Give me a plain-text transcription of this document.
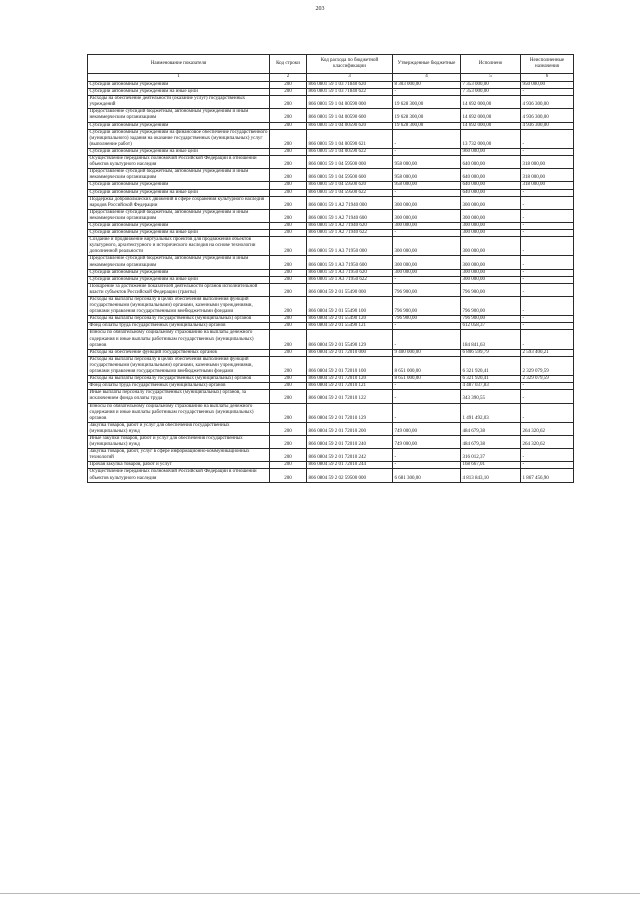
203
Наименование показателя	Код строки	Код расхода по бюджетной классификации	Утвержденные бюджетные	Исполнено	Неисполненные назначения
1	2	3	4	5	6
Субсидии автономным учреждениям	200	866 0801 59 1 03 71840 620	8 303 000,00	7 353 000,00	950 000,00
Субсидии автономным учреждениям на иные цели	200	866 0801 59 1 03 71840 622	-	7 353 000,00	-
Расходы на обеспечение деятельности (оказание услуг) государственных учреждений	200	866 0801 59 1 04 00590 000	19 628 300,00	14 692 000,00	4 936 300,00
Предоставление субсидий бюджетным, автономным учреждениям и иным некоммерческим организациям	200	866 0801 59 1 04 00590 600	19 628 300,00	14 692 000,00	4 936 300,00
Субсидии автономным учреждениям	200	866 0801 59 1 04 00590 620	19 628 300,00	14 692 000,00	4 936 300,00
Субсидии автономным учреждениям на финансовое обеспечение государственного (муниципального) задания на оказание государственных (муниципальных) услуг (выполнение работ)	200	866 0801 59 1 04 00590 621	-	13 732 000,00	-
Субсидии автономным учреждениям на иные цели	200	866 0801 59 1 04 00590 622	-	960 000,00	-
Осуществление переданных полномочий Российской Федерации в отношении объектов культурного наследия	200	866 0801 59 1 04 59500 000	958 000,00	640 000,00	318 000,00
Предоставление субсидий бюджетным, автономным учреждениям и иным некоммерческим организациям	200	866 0801 59 1 04 59500 600	958 000,00	640 000,00	318 000,00
Субсидии автономным учреждениям	200	866 0801 59 1 04 59500 620	958 000,00	640 000,00	318 000,00
Субсидии автономным учреждениям на иные цели	200	866 0801 59 1 04 59500 622	-	640 000,00	-
Поддержка добровольческих движений в сфере сохранения культурного наследия народов Российской Федерации	200	866 0801 59 1 A2 71940 000	300 000,00	300 000,00	-
Предоставление субсидий бюджетным, автономным учреждениям и иным некоммерческим организациям	200	866 0801 59 1 A2 71940 600	300 000,00	300 000,00	-
Субсидии автономным учреждениям	200	866 0801 59 1 A2 71940 620	300 000,00	300 000,00	-
Субсидии автономным учреждениям на иные цели	200	866 0801 59 1 A2 71940 622	-	300 000,00	-
Создание и продвижение виртуальных проектов для продвижения объектов культурного, архитектурного и исторического наследия на основе технологии дополненной реальности	200	866 0801 59 1 A3 71950 000	300 000,00	300 000,00	-
Предоставление субсидий бюджетным, автономным учреждениям и иным некоммерческим организациям	200	866 0801 59 1 A3 71950 600	300 000,00	300 000,00	-
Субсидии автономным учреждениям	200	866 0801 59 1 A3 71950 620	300 000,00	300 000,00	-
Субсидии автономным учреждениям на иные цели	200	866 0801 59 1 A3 71950 622	-	300 000,00	-
Поощрение за достижение показателей деятельности органов исполнительной власти субъектов Российской Федерации (гранты)	200	866 0804 59 2 01 55490 000	796 900,00	796 900,00	-
Расходы на выплаты персоналу в целях обеспечения выполнения функций государственными (муниципальными) органами, казенными учреждениями, органами управления государственными внебюджетными фондами	200	866 0804 59 2 01 55490 100	796 900,00	796 900,00	-
Расходы на выплаты персоналу государственных (муниципальных) органов	200	866 0804 59 2 01 55490 120	796 900,00	796 900,00	-
Фонд оплаты труда государственных (муниципальных) органов	200	866 0804 59 2 01 55490 121	-	612 058,37	-
Взносы по обязательному социальному страхованию на выплаты денежного содержания и иные выплаты работникам государственных (муниципальных) органов	200	866 0804 59 2 01 55490 129	-	184 841,63	-
Расходы на обеспечение функций государственных органов	200	866 0804 59 2 01 72010 000	9 400 000,00	6 806 599,79	2 593 400,21
Расходы на выплаты персоналу в целях обеспечения выполнения функций государственными (муниципальными) органами, казенными учреждениями, органами управления государственными внебюджетными фондами	200	866 0804 59 2 01 72010 100	8 651 000,00	6 321 920,41	2 329 079,59
Расходы на выплаты персоналу государственных (муниципальных) органов	200	866 0804 59 2 01 72010 120	8 651 000,00	6 321 920,41	2 329 079,59
Фонд оплаты труда государственных (муниципальных) органов	200	866 0804 59 2 01 72010 121	-	4 487 037,83	-
Иные выплаты персоналу государственных (муниципальных) органов, за исключением фонда оплаты труда	200	866 0804 59 2 01 72010 122	-	343 390,55	-
Взносы по обязательному социальному страхованию на выплаты денежного содержания и иные выплаты работникам государственных (муниципальных) органов	200	866 0804 59 2 01 72010 129	-	1 491 492,03	-
Закупка товаров, работ и услуг для обеспечения государственных (муниципальных) нужд	200	866 0804 59 2 01 72010 200	749 000,00	484 679,38	264 320,62
Иные закупки товаров, работ и услуг для обеспечения государственных (муниципальных) нужд	200	866 0804 59 2 01 72010 240	749 000,00	484 679,38	264 320,62
Закупка товаров, работ, услуг в сфере информационно-коммуникационных технологий	200	866 0804 59 2 01 72010 242	-	316 012,37	-
Прочая закупка товаров, работ и услуг	200	866 0804 59 2 01 72010 244	-	168 667,01	-
Осуществление переданных полномочий Российской Федерации в отношении объектов культурного наследия	200	866 0804 59 2 02 59500 000	6 681 300,00	4 813 843,10	1 867 456,90
